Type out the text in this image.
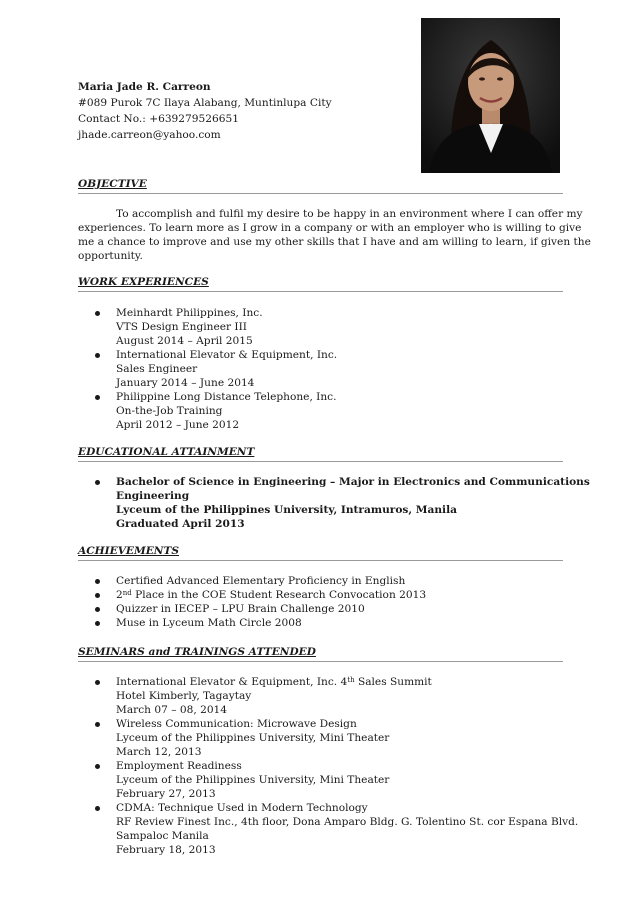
Maria Jade R. Carreon
#089 Purok 7C Ilaya Alabang, Muntinlupa City
Contact No.: +639279526651
jhade.carreon@yahoo.com
OBJECTIVE
To accomplish and fulfil my desire to be happy in an environment where I can offer my
experiences. To learn more as I grow in a company or with an employer who is willing to give
me a chance to improve and use my other skills that I have and am willing to learn, if given the
opportunity.
WORK EXPERIENCES
Meinhardt Philippines, Inc.
VTS Design Engineer III
August 2014 – April 2015
International Elevator & Equipment, Inc.
Sales Engineer
January 2014 – June 2014
Philippine Long Distance Telephone, Inc.
On-the-Job Training
April 2012 – June 2012
EDUCATIONAL ATTAINMENT
Bachelor of Science in Engineering – Major in Electronics and Communications
Engineering
Lyceum of the Philippines University, Intramuros, Manila
Graduated April 2013
ACHIEVEMENTS
Certified Advanced Elementary Proficiency in English
2nd Place in the COE Student Research Convocation 2013
Quizzer in IECEP – LPU Brain Challenge 2010
Muse in Lyceum Math Circle 2008
SEMINARS and TRAININGS ATTENDED
International Elevator & Equipment, Inc. 4th Sales Summit
Hotel Kimberly, Tagaytay
March 07 – 08, 2014
Wireless Communication: Microwave Design
Lyceum of the Philippines University, Mini Theater
March 12, 2013
Employment Readiness
Lyceum of the Philippines University, Mini Theater
February 27, 2013
CDMA: Technique Used in Modern Technology
RF Review Finest Inc., 4th floor, Dona Amparo Bldg. G. Tolentino St. cor Espana Blvd.
Sampaloc Manila
February 18, 2013
